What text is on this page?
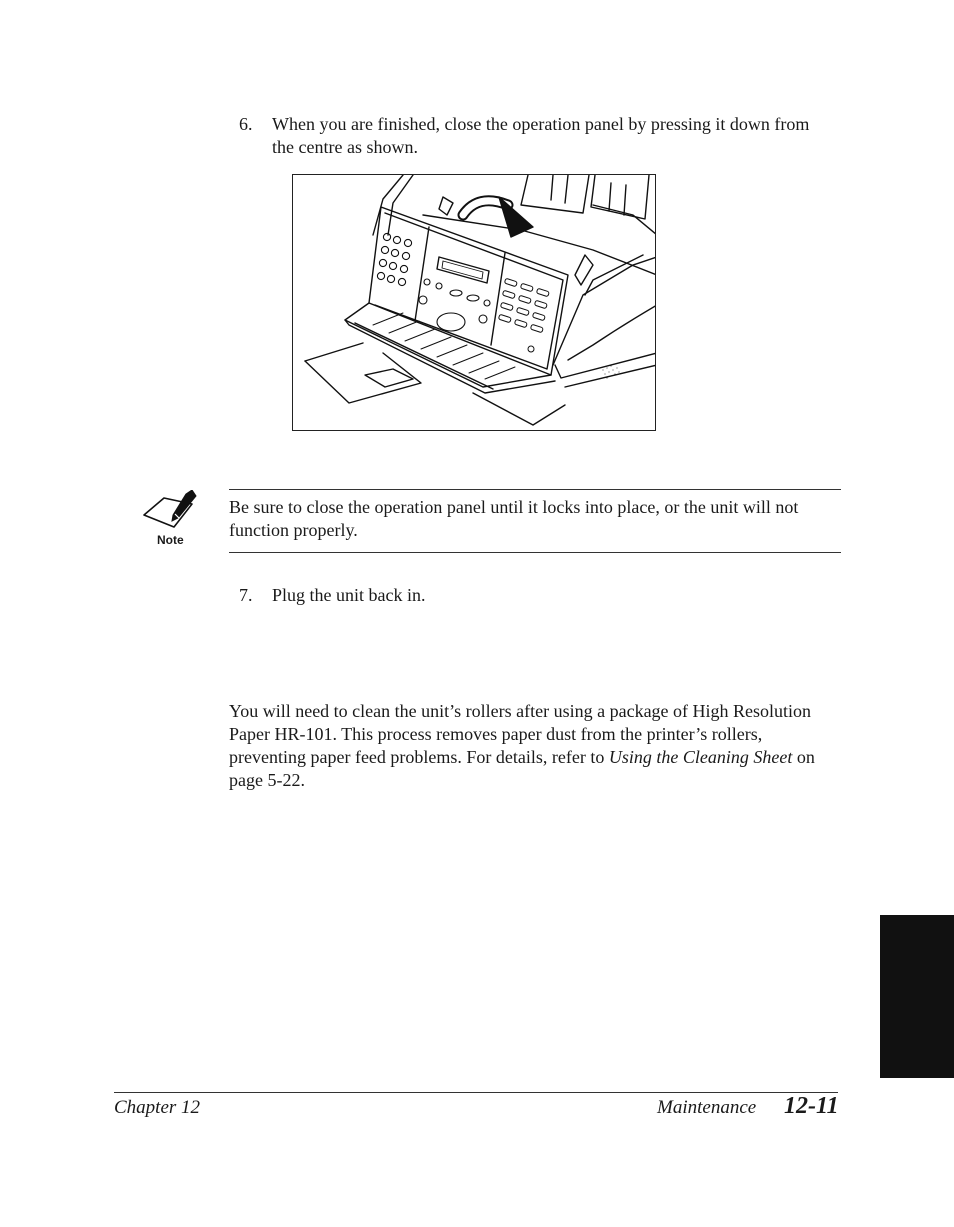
6.	When you are finished, close the operation panel by pressing it down from the centre as shown.
Note
Be sure to close the operation panel until it locks into place, or the unit will not function properly.
7.	Plug the unit back in.
You will need to clean the unit’s rollers after using a package of High Resolution Paper HR-101. This process removes paper dust from the printer’s rollers, preventing paper feed problems. For details, refer to Using the Cleaning Sheet on page 5-22.
Chapter 12	Maintenance 12-11
